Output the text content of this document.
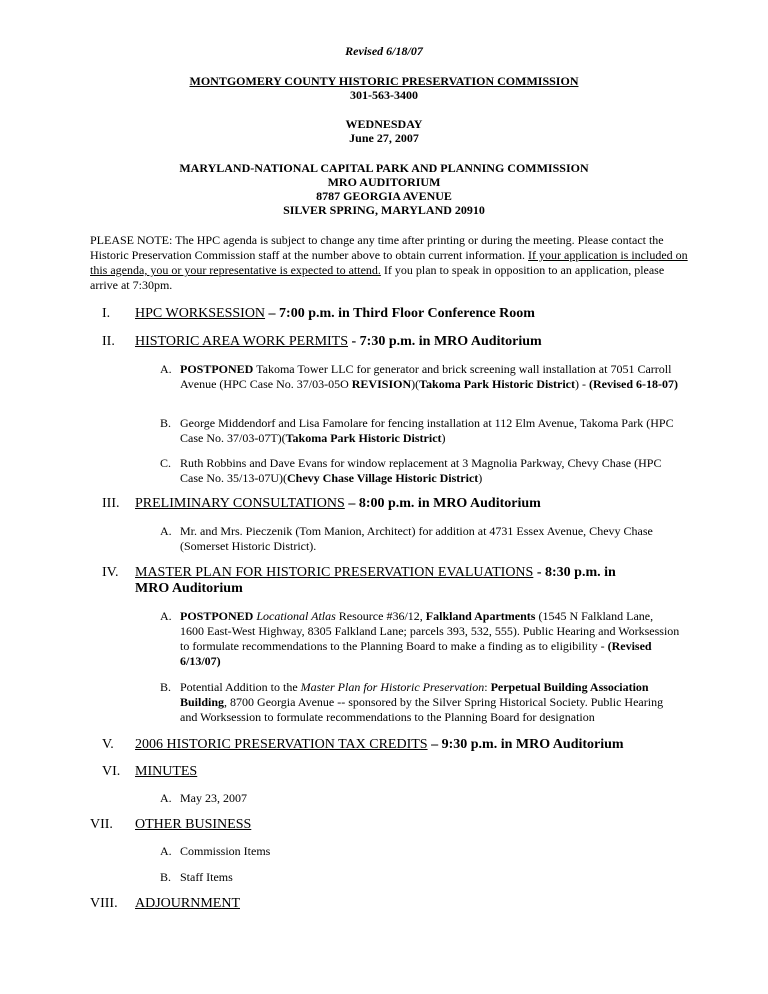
Revised 6/18/07
MONTGOMERY COUNTY HISTORIC PRESERVATION COMMISSION
301-563-3400
WEDNESDAY
June 27, 2007
MARYLAND-NATIONAL CAPITAL PARK AND PLANNING COMMISSION
MRO AUDITORIUM
8787 GEORGIA AVENUE
SILVER SPRING, MARYLAND 20910
PLEASE NOTE: The HPC agenda is subject to change any time after printing or during the meeting. Please contact the Historic Preservation Commission staff at the number above to obtain current information. If your application is included on this agenda, you or your representative is expected to attend. If you plan to speak in opposition to an application, please arrive at 7:30pm.
I. HPC WORKSESSION – 7:00 p.m. in Third Floor Conference Room
II. HISTORIC AREA WORK PERMITS - 7:30 p.m. in MRO Auditorium
A. POSTPONED Takoma Tower LLC for generator and brick screening wall installation at 7051 Carroll Avenue (HPC Case No. 37/03-05O REVISION)(Takoma Park Historic District) - (Revised 6-18-07)
B. George Middendorf and Lisa Famolare for fencing installation at 112 Elm Avenue, Takoma Park (HPC Case No. 37/03-07T)(Takoma Park Historic District)
C. Ruth Robbins and Dave Evans for window replacement at 3 Magnolia Parkway, Chevy Chase (HPC Case No. 35/13-07U)(Chevy Chase Village Historic District)
III. PRELIMINARY CONSULTATIONS – 8:00 p.m. in MRO Auditorium
A. Mr. and Mrs. Pieczenik (Tom Manion, Architect) for addition at 4731 Essex Avenue, Chevy Chase (Somerset Historic District).
IV. MASTER PLAN FOR HISTORIC PRESERVATION EVALUATIONS - 8:30 p.m. in MRO Auditorium
A. POSTPONED Locational Atlas Resource #36/12, Falkland Apartments (1545 N Falkland Lane, 1600 East-West Highway, 8305 Falkland Lane; parcels 393, 532, 555). Public Hearing and Worksession to formulate recommendations to the Planning Board to make a finding as to eligibility - (Revised 6/13/07)
B. Potential Addition to the Master Plan for Historic Preservation: Perpetual Building Association Building, 8700 Georgia Avenue -- sponsored by the Silver Spring Historical Society. Public Hearing and Worksession to formulate recommendations to the Planning Board for designation
V. 2006 HISTORIC PRESERVATION TAX CREDITS – 9:30 p.m. in MRO Auditorium
VI. MINUTES
A. May 23, 2007
VII. OTHER BUSINESS
A. Commission Items
B. Staff Items
VIII. ADJOURNMENT
